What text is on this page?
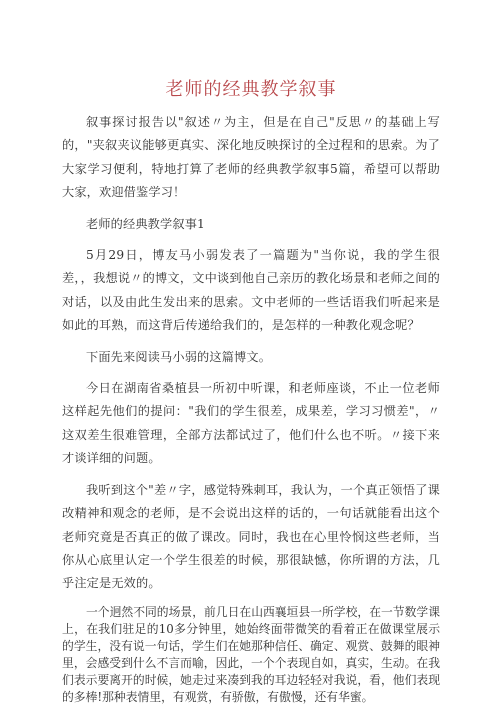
老师的经典教学叙事

叙事探讨报告以"叙述〃为主，但是在自己"反思〃的基础上写的，"夹叙夹议能够更真实、深化地反映探讨的全过程和的思索。为了大家学习便利，特地打算了老师的经典教学叙事5篇，希望可以帮助大家，欢迎借鉴学习！

老师的经典教学叙事1

5月29日，博友马小弱发表了一篇题为"当你说，我的学生很差，，我想说〃的博文，文中谈到他自己亲历的教化场景和老师之间的对话，以及由此生发出来的思索。文中老师的一些话语我们听起来是如此的耳熟，而这背后传递给我们的，是怎样的一种教化观念呢？

下面先来阅读马小弱的这篇博文。

今日在湖南省桑植县一所初中听课，和老师座谈，不止一位老师这样起先他们的提问："我们的学生很差，成果差，学习习惯差"，〃这双差生很难管理，全部方法都试过了，他们什么也不听。〃接下来才谈详细的问题。

我听到这个"差〃字，感觉特殊刺耳，我认为，一个真正领悟了课改精神和观念的老师，是不会说出这样的话的，一句话就能看出这个老师究竟是否真正的做了课改。同时，我也在心里怜悯这些老师，当你从心底里认定一个学生很差的时候，那很缺憾，你所谓的方法，几乎注定是无效的。

一个迥然不同的场景，前几日在山西襄垣县一所学校，在一节数学课上，在我们驻足的10多分钟里，她始终面带微笑的看着正在做课堂展示的学生，没有说一句话，学生们在她那种信任、确定、观赏、鼓舞的眼神里，会感受到什么不言而喻，因此，一个个表现自如，真实，生动。在我们表示要离开的时候，她走过来凑到我的耳边轻轻对我说，看，他们表现的多棒!那种表情里，有观赏，有骄傲，有傲慢，还有华蜜。
